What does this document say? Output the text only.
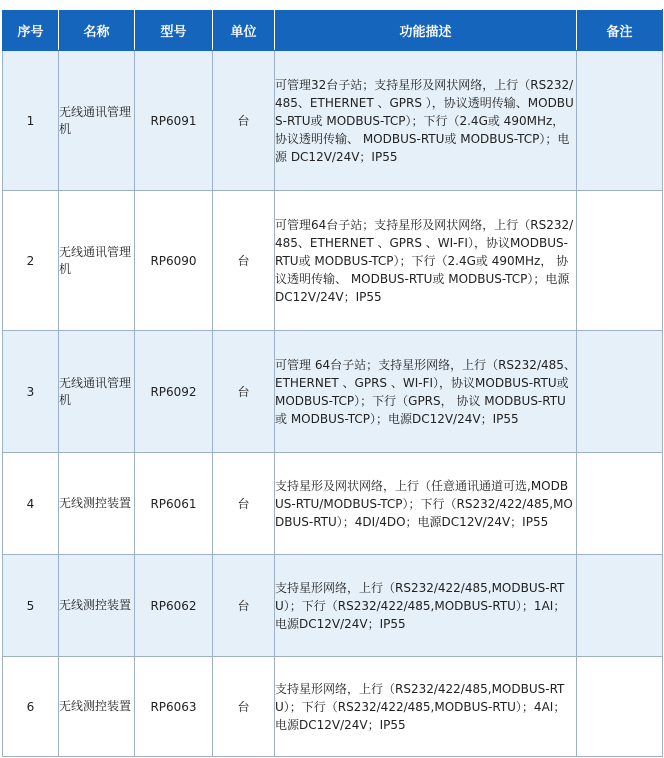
序号	名称	型号	单位	功能描述	备注
1	无线通讯管理机	RP6091	台	可管理32台子站；支持星形及网状网络，上行（RS232/485、ETHERNET 、GPRS ），协议透明传输、MODBUS-RTU或 MODBUS-TCP）；下行（2.4G或 490MHz， 协议透明传输、 MODBUS-RTU或 MODBUS-TCP）；电源 DC12V/24V；IP55	
2	无线通讯管理机	RP6090	台	可管理64台子站；支持星形及网状网络，上行（RS232/485、ETHERNET 、GPRS 、WI-FI），协议MODBUS-RTU或 MODBUS-TCP）；下行（2.4G或 490MHz， 协议透明传输、 MODBUS-RTU或 MODBUS-TCP）；电源 DC12V/24V；IP55	
3	无线通讯管理机	RP6092	台	可管理 64台子站；支持星形网络，上行（RS232/485、ETHERNET 、GPRS 、WI-FI），协议MODBUS-RTU或 MODBUS-TCP）；下行（GPRS， 协议 MODBUS-RTU或 MODBUS-TCP）；电源DC12V/24V；IP55	
4	无线测控装置	RP6061	台	支持星形及网状网络，上行（任意通讯通道可选,MODBUS-RTU/MODBUS-TCP）；下行（RS232/422/485,MODBUS-RTU）；4DI/4DO；电源DC12V/24V；IP55	
5	无线测控装置	RP6062	台	支持星形网络，上行（RS232/422/485,MODBUS-RTU）；下行（RS232/422/485,MODBUS-RTU）；1AI；电源DC12V/24V；IP55	
6	无线测控装置	RP6063	台	支持星形网络，上行（RS232/422/485,MODBUS-RTU）；下行（RS232/422/485,MODBUS-RTU）；4AI；电源DC12V/24V；IP55	
